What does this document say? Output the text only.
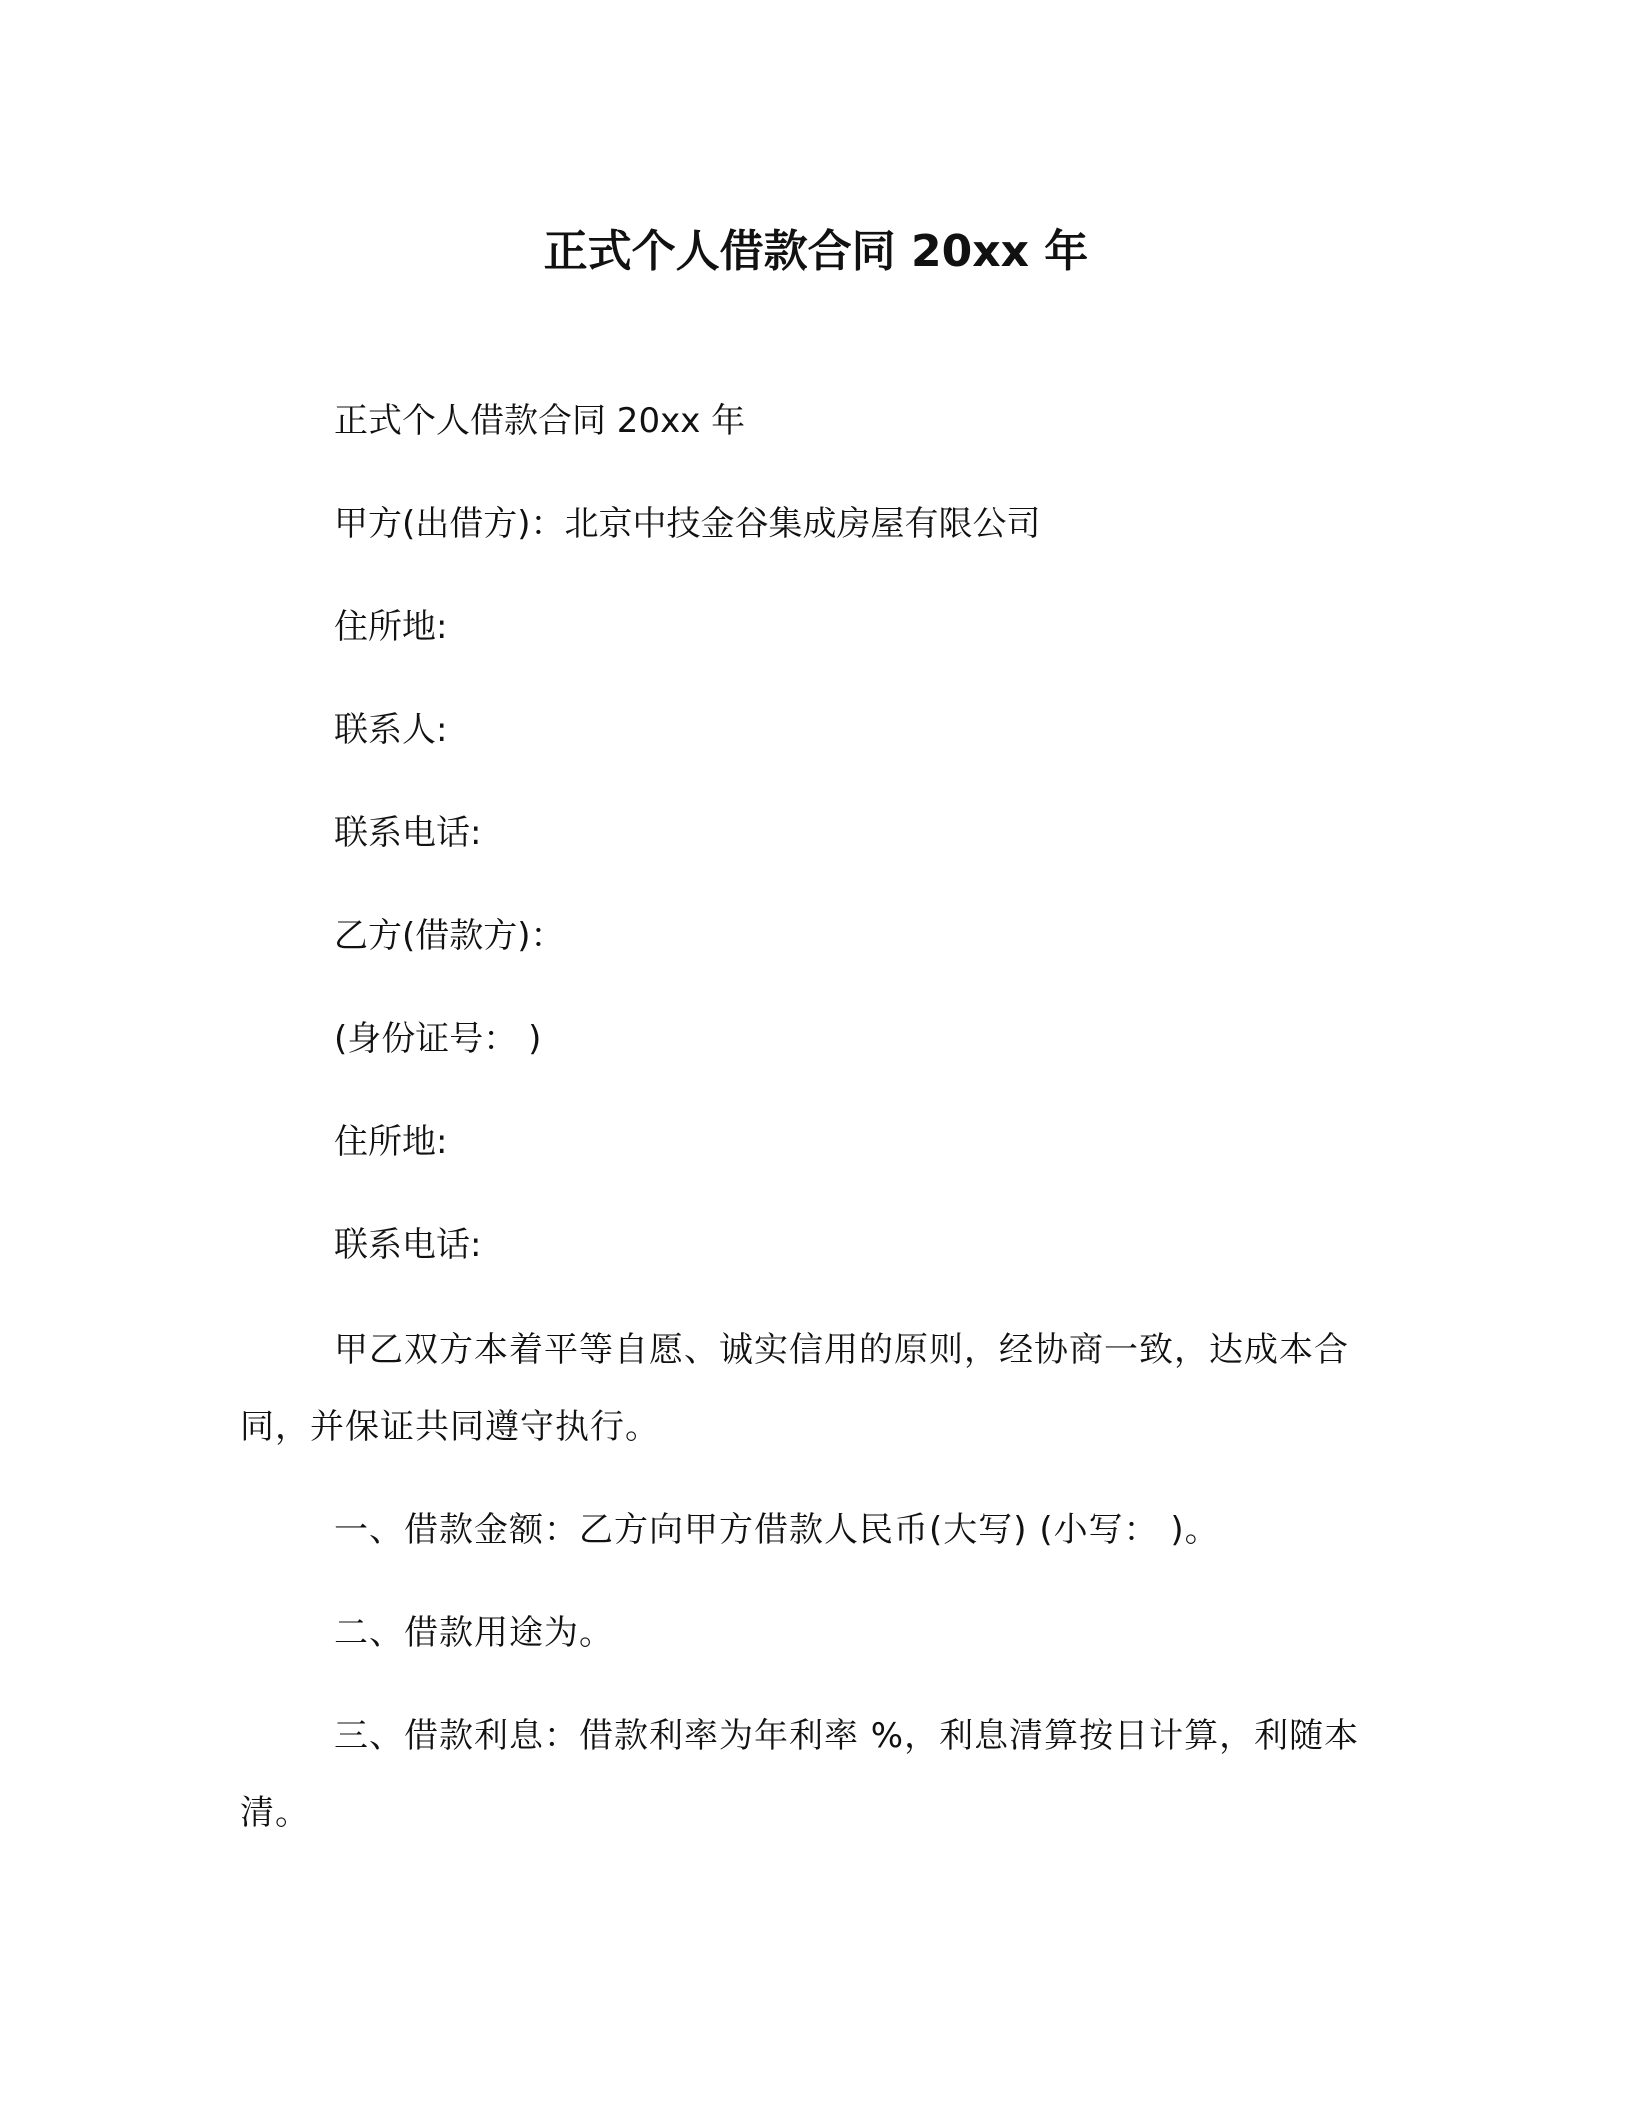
正式个人借款合同 20xx 年

正式个人借款合同 20xx 年

甲方(出借方)：北京中技金谷集成房屋有限公司

住所地:

联系人:

联系电话:

乙方(借款方)：

(身份证号： )

住所地:

联系电话:

甲乙双方本着平等自愿、诚实信用的原则，经协商一致，达成本合同，并保证共同遵守执行。

一、借款金额：乙方向甲方借款人民币(大写) (小写： )。

二、借款用途为。

三、借款利息：借款利率为年利率 %，利息清算按日计算，利随本清。
